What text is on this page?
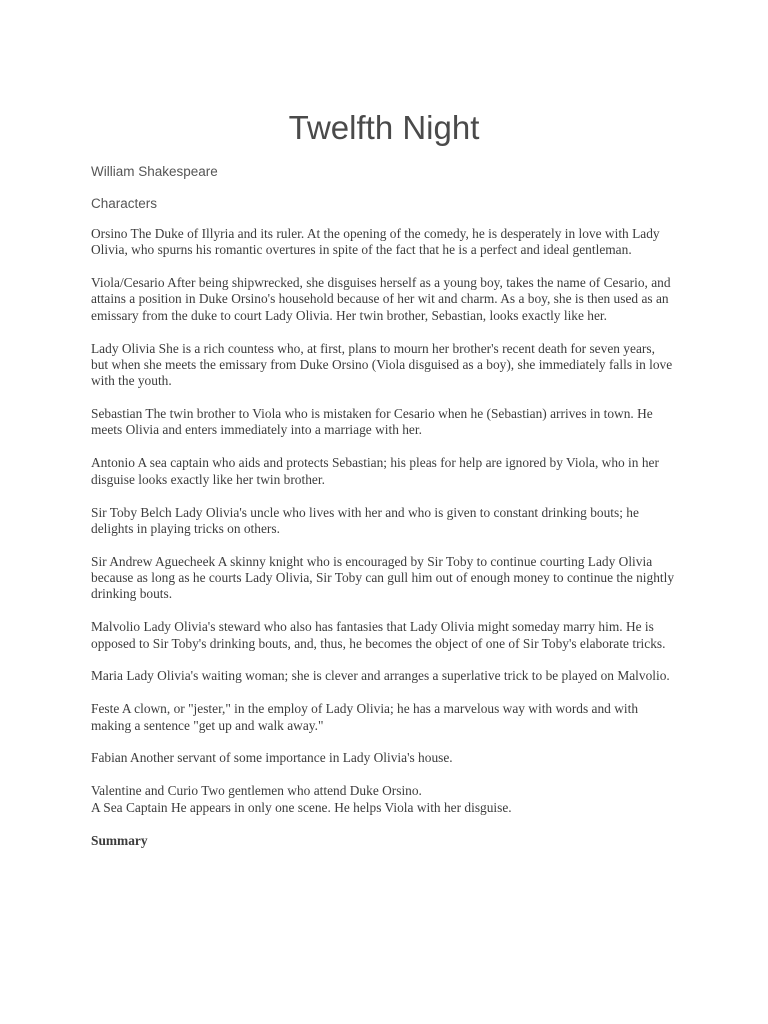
Twelfth Night

William Shakespeare

Characters

Orsino The Duke of Illyria and its ruler. At the opening of the comedy, he is desperately in love with Lady Olivia, who spurns his romantic overtures in spite of the fact that he is a perfect and ideal gentleman.

Viola/Cesario After being shipwrecked, she disguises herself as a young boy, takes the name of Cesario, and attains a position in Duke Orsino's household because of her wit and charm. As a boy, she is then used as an emissary from the duke to court Lady Olivia. Her twin brother, Sebastian, looks exactly like her.

Lady Olivia She is a rich countess who, at first, plans to mourn her brother's recent death for seven years, but when she meets the emissary from Duke Orsino (Viola disguised as a boy), she immediately falls in love with the youth.

Sebastian The twin brother to Viola who is mistaken for Cesario when he (Sebastian) arrives in town. He meets Olivia and enters immediately into a marriage with her.

Antonio A sea captain who aids and protects Sebastian; his pleas for help are ignored by Viola, who in her disguise looks exactly like her twin brother.

Sir Toby Belch Lady Olivia's uncle who lives with her and who is given to constant drinking bouts; he delights in playing tricks on others.

Sir Andrew Aguecheek A skinny knight who is encouraged by Sir Toby to continue courting Lady Olivia because as long as he courts Lady Olivia, Sir Toby can gull him out of enough money to continue the nightly drinking bouts.

Malvolio Lady Olivia's steward who also has fantasies that Lady Olivia might someday marry him. He is opposed to Sir Toby's drinking bouts, and, thus, he becomes the object of one of Sir Toby's elaborate tricks.

Maria Lady Olivia's waiting woman; she is clever and arranges a superlative trick to be played on Malvolio.

Feste A clown, or "jester," in the employ of Lady Olivia; he has a marvelous way with words and with making a sentence "get up and walk away."

Fabian Another servant of some importance in Lady Olivia's house.

Valentine and Curio Two gentlemen who attend Duke Orsino.

A Sea Captain He appears in only one scene. He helps Viola with her disguise.

Summary
